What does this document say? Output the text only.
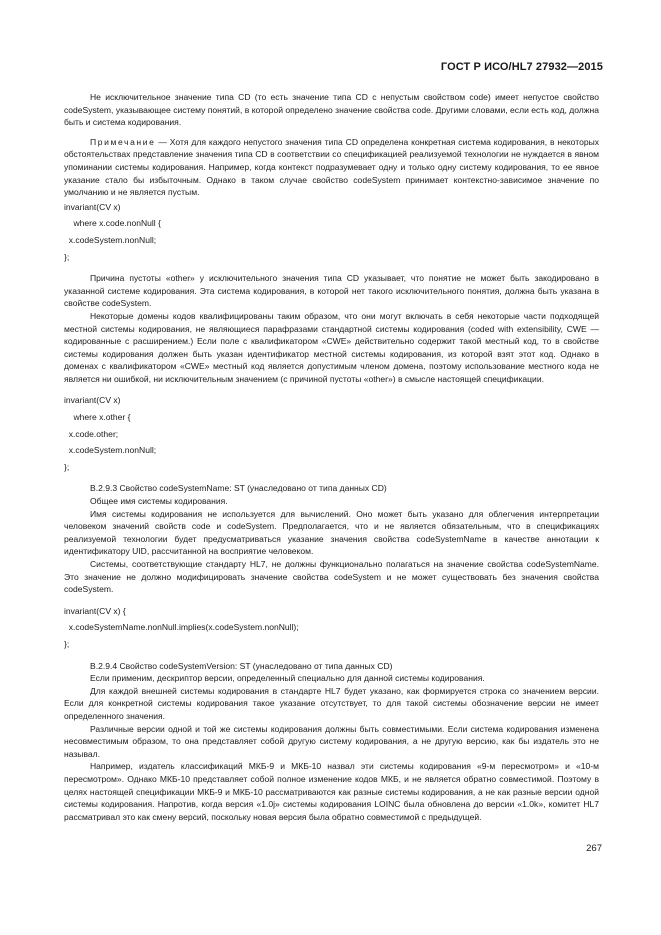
ГОСТ Р ИСО/HL7 27932—2015

Не исключительное значение типа CD (то есть значение типа CD с непустым свойством code) имеет непустое свойство codeSystem, указывающее систему понятий, в которой определено значение свойства code. Другими словами, если есть код, должна быть и система кодирования.

Примечание — Хотя для каждого непустого значения типа CD определена конкретная система кодирования, в некоторых обстоятельствах представление значения типа CD в соответствии со спецификацией реализуемой технологии не нуждается в явном упоминании системы кодирования. Например, когда контекст подразумевает одну и только одну систему кодирования, то ее явное указание стало бы избыточным. Однако в таком случае свойство codeSystem принимает контекстно-зависимое значение по умолчанию и не является пустым.

invariant(CV x)
where x.code.nonNull {
x.codeSystem.nonNull;
};

Причина пустоты «other» у исключительного значения типа CD указывает, что понятие не может быть закодировано в указанной системе кодирования. Эта система кодирования, в которой нет такого исключительного понятия, должна быть указана в свойстве codeSystem.

Некоторые домены кодов квалифицированы таким образом, что они могут включать в себя некоторые части подходящей местной системы кодирования, не являющиеся парафразами стандартной системы кодирования (coded with extensibility, CWE — кодированные с расширением.) Если поле с квалификатором «CWE» действительно содержит такой местный код, то в свойстве системы кодирования должен быть указан идентификатор местной системы кодирования, из которой взят этот код. Однако в доменах с квалификатором «CWE» местный код является допустимым членом домена, поэтому использование местного кода не является ни ошибкой, ни исключительным значением (с причиной пустоты «other») в смысле настоящей спецификации.

invariant(CV x)
where x.other {
x.code.other;
x.codeSystem.nonNull;
};

B.2.9.3 Свойство codeSystemName: ST (унаследовано от типа данных CD)

Общее имя системы кодирования.

Имя системы кодирования не используется для вычислений. Оно может быть указано для облегчения интерпретации человеком значений свойств code и codeSystem. Предполагается, что и не является обязательным, что в спецификациях реализуемой технологии будет предусматриваться указание значения свойства codeSystemName в качестве аннотации к идентификатору UID, рассчитанной на восприятие человеком.

Системы, соответствующие стандарту HL7, не должны функционально полагаться на значение свойства codeSystemName. Это значение не должно модифицировать значение свойства codeSystem и не может существовать без значения свойства codeSystem.

invariant(CV x) {
x.codeSystemName.nonNull.implies(x.codeSystem.nonNull);
};

B.2.9.4 Свойство codeSystemVersion: ST (унаследовано от типа данных CD)

Если применим, дескриптор версии, определенный специально для данной системы кодирования.

Для каждой внешней системы кодирования в стандарте HL7 будет указано, как формируется строка со значением версии. Если для конкретной системы кодирования такое указание отсутствует, то для такой системы обозначение версии не имеет определенного значения.

Различные версии одной и той же системы кодирования должны быть совместимыми. Если система кодирования изменена несовместимым образом, то она представляет собой другую систему кодирования, а не другую версию, как бы издатель это не называл.

Например, издатель классификаций МКБ-9 и МКБ-10 назвал эти системы кодирования «9-м пересмотром» и «10-м пересмотром». Однако МКБ-10 представляет собой полное изменение кодов МКБ, и не является обратно совместимой. Поэтому в целях настоящей спецификации МКБ-9 и МКБ-10 рассматриваются как разные системы кодирования, а не как разные версии одной системы кодирования. Напротив, когда версия «1.0j» системы кодирования LOINC была обновлена до версии «1.0k», комитет HL7 рассматривал это как смену версий, поскольку новая версия была обратно совместимой с предыдущей.

267
